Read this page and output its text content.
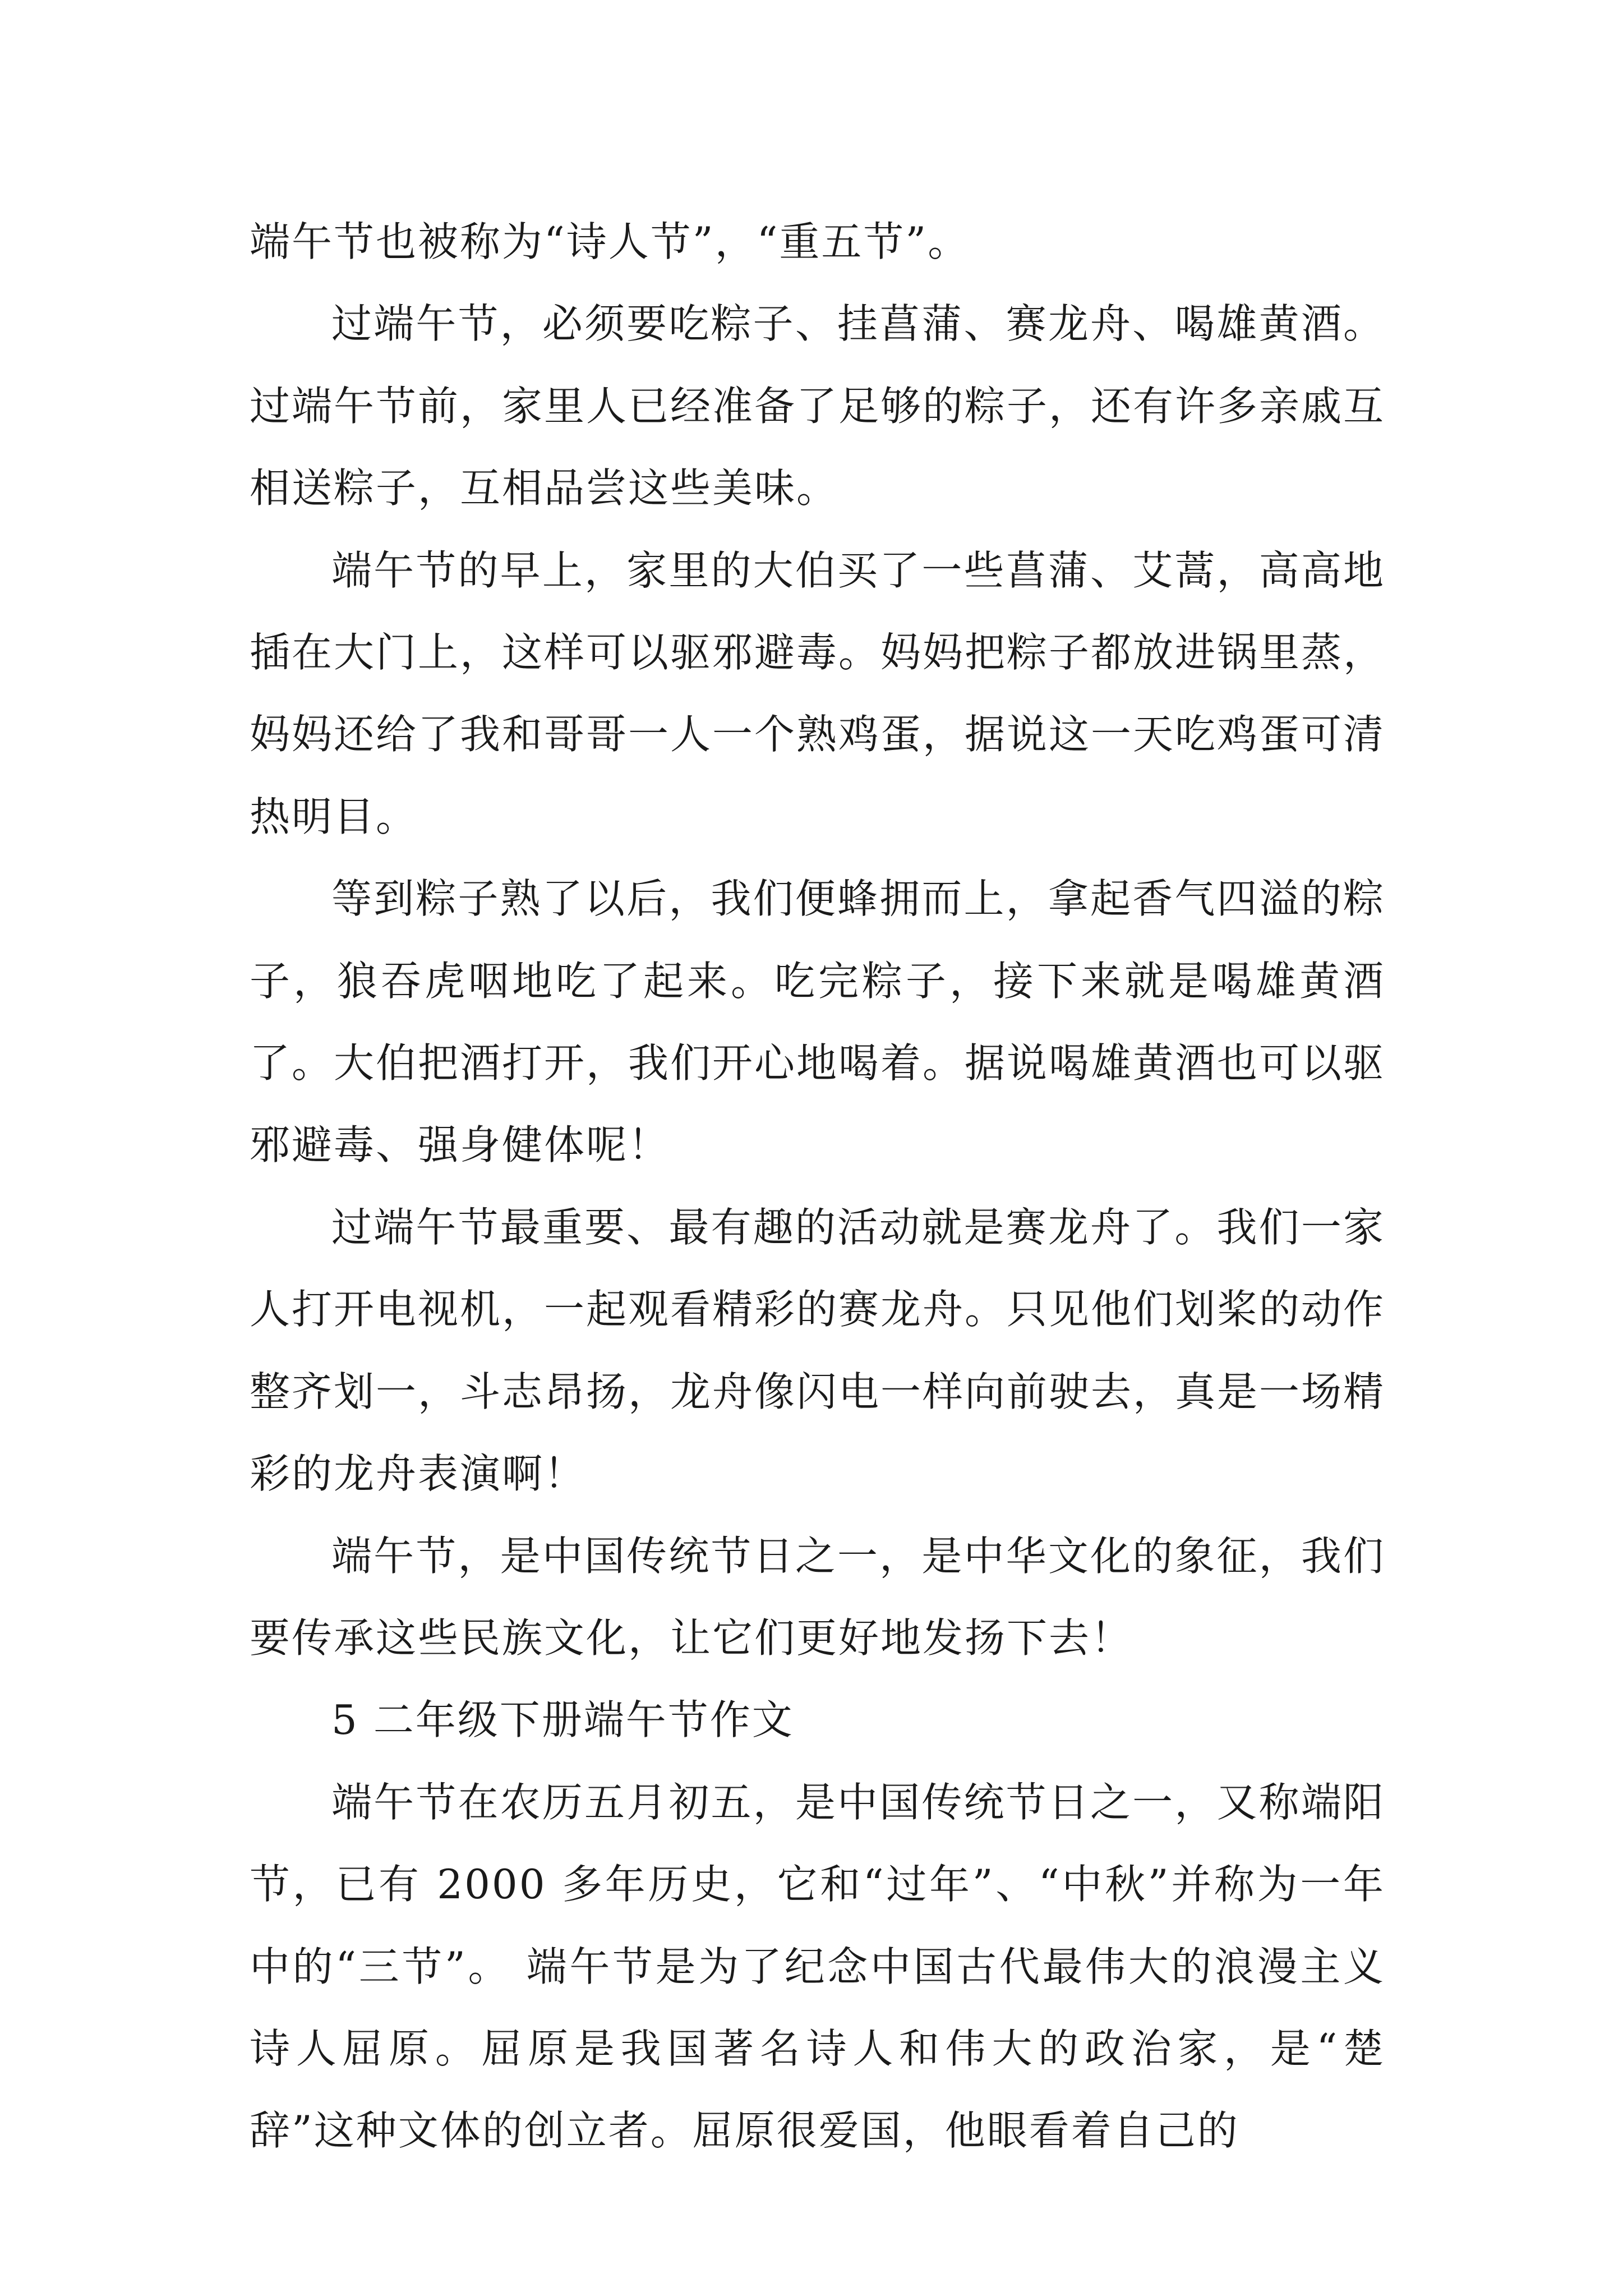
端午节也被称为“诗人节”，“重五节”。

过端午节，必须要吃粽子、挂菖蒲、赛龙舟、喝雄黄酒。过端午节前，家里人已经准备了足够的粽子，还有许多亲戚互相送粽子，互相品尝这些美味。

端午节的早上，家里的大伯买了一些菖蒲、艾蒿，高高地插在大门上，这样可以驱邪避毒。妈妈把粽子都放进锅里蒸，妈妈还给了我和哥哥一人一个熟鸡蛋，据说这一天吃鸡蛋可清热明目。

等到粽子熟了以后，我们便蜂拥而上，拿起香气四溢的粽子，狼吞虎咽地吃了起来。吃完粽子，接下来就是喝雄黄酒了。大伯把酒打开，我们开心地喝着。据说喝雄黄酒也可以驱邪避毒、强身健体呢！

过端午节最重要、最有趣的活动就是赛龙舟了。我们一家人打开电视机，一起观看精彩的赛龙舟。只见他们划桨的动作整齐划一，斗志昂扬，龙舟像闪电一样向前驶去，真是一场精彩的龙舟表演啊！

端午节，是中国传统节日之一，是中华文化的象征，我们要传承这些民族文化，让它们更好地发扬下去！

5 二年级下册端午节作文

端午节在农历五月初五，是中国传统节日之一，又称端阳节，已有 2000 多年历史，它和“过年”、“中秋”并称为一年中的“三节”。 端午节是为了纪念中国古代最伟大的浪漫主义诗人屈原。屈原是我国著名诗人和伟大的政治家，是“楚辞”这种文体的创立者。屈原很爱国，他眼看着自己的
